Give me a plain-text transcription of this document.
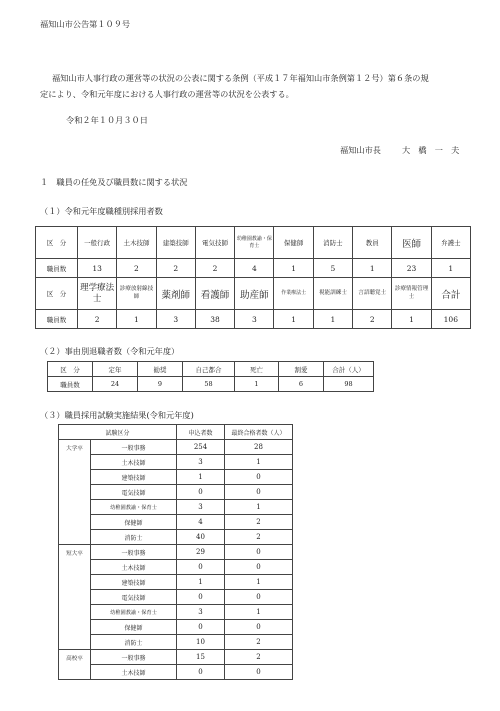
福知山市公告第１０９号
福知山市人事行政の運営等の状況の公表に関する条例（平成１７年福知山市条例第１２号）第６条の規
定により、令和元年度における人事行政の運営等の状況を公表する。
令和２年１０月３０日
福知山市長	大　橋　一　夫
１　職員の任免及び職員数に関する状況
（１）令和元年度職種別採用者数
区　分	一般行政	土木技師	建築技師	電気技師	幼稚園教諭・保育士	保健師	消防士	教員	医師	弁護士
職員数	13	2	2	2	4	1	5	1	23	1
区　分	理学療法士	診療放射線技師	薬剤師	看護師	助産師	作業療法士	視能訓練士	言語聴覚士	診療情報管理士	合計
職員数	2	1	3	38	3	1	1	2	1	106
（２）事由別退職者数（令和元年度）
区　分	定年	勧奨	自己都合	死亡	割愛	合計（人）
職員数	24	9	58	1	6	98
（３）職員採用試験実施結果(令和元年度)
試験区分		申込者数	最終合格者数（人）
大学卒	一般事務	254	28
	土木技師	3	1
	建築技師	1	0
	電気技師	0	0
	幼稚園教諭・保育士	3	1
	保健師	4	2
	消防士	40	2
短大卒	一般事務	29	0
	土木技師	0	0
	建築技師	1	1
	電気技師	0	0
	幼稚園教諭・保育士	3	1
	保健師	0	0
	消防士	10	2
高校卒	一般事務	15	2
	土木技師	0	0
